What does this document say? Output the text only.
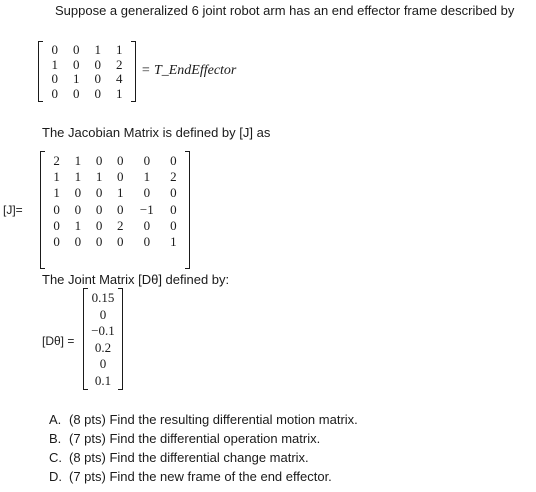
Suppose a generalized 6 joint robot arm has an end effector frame described by
0	0	1	1
1	0	0	2
0	1	0	4
0	0	0	1
= T_EndEffector
The Jacobian Matrix is defined by [J] as
[J]=
2	1	0	0	0	0
1	1	1	0	1	2
1	0	0	1	0	0
0	0	0	0	−1	0
0	1	0	2	0	0
0	0	0	0	0	1
The Joint Matrix [Dθ] defined by:
[Dθ] =
0.15
0
−0.1
0.2
0
0.1
A. (8 pts) Find the resulting differential motion matrix.
B. (7 pts) Find the differential operation matrix.
C. (8 pts) Find the differential change matrix.
D. (7 pts) Find the new frame of the end effector.
